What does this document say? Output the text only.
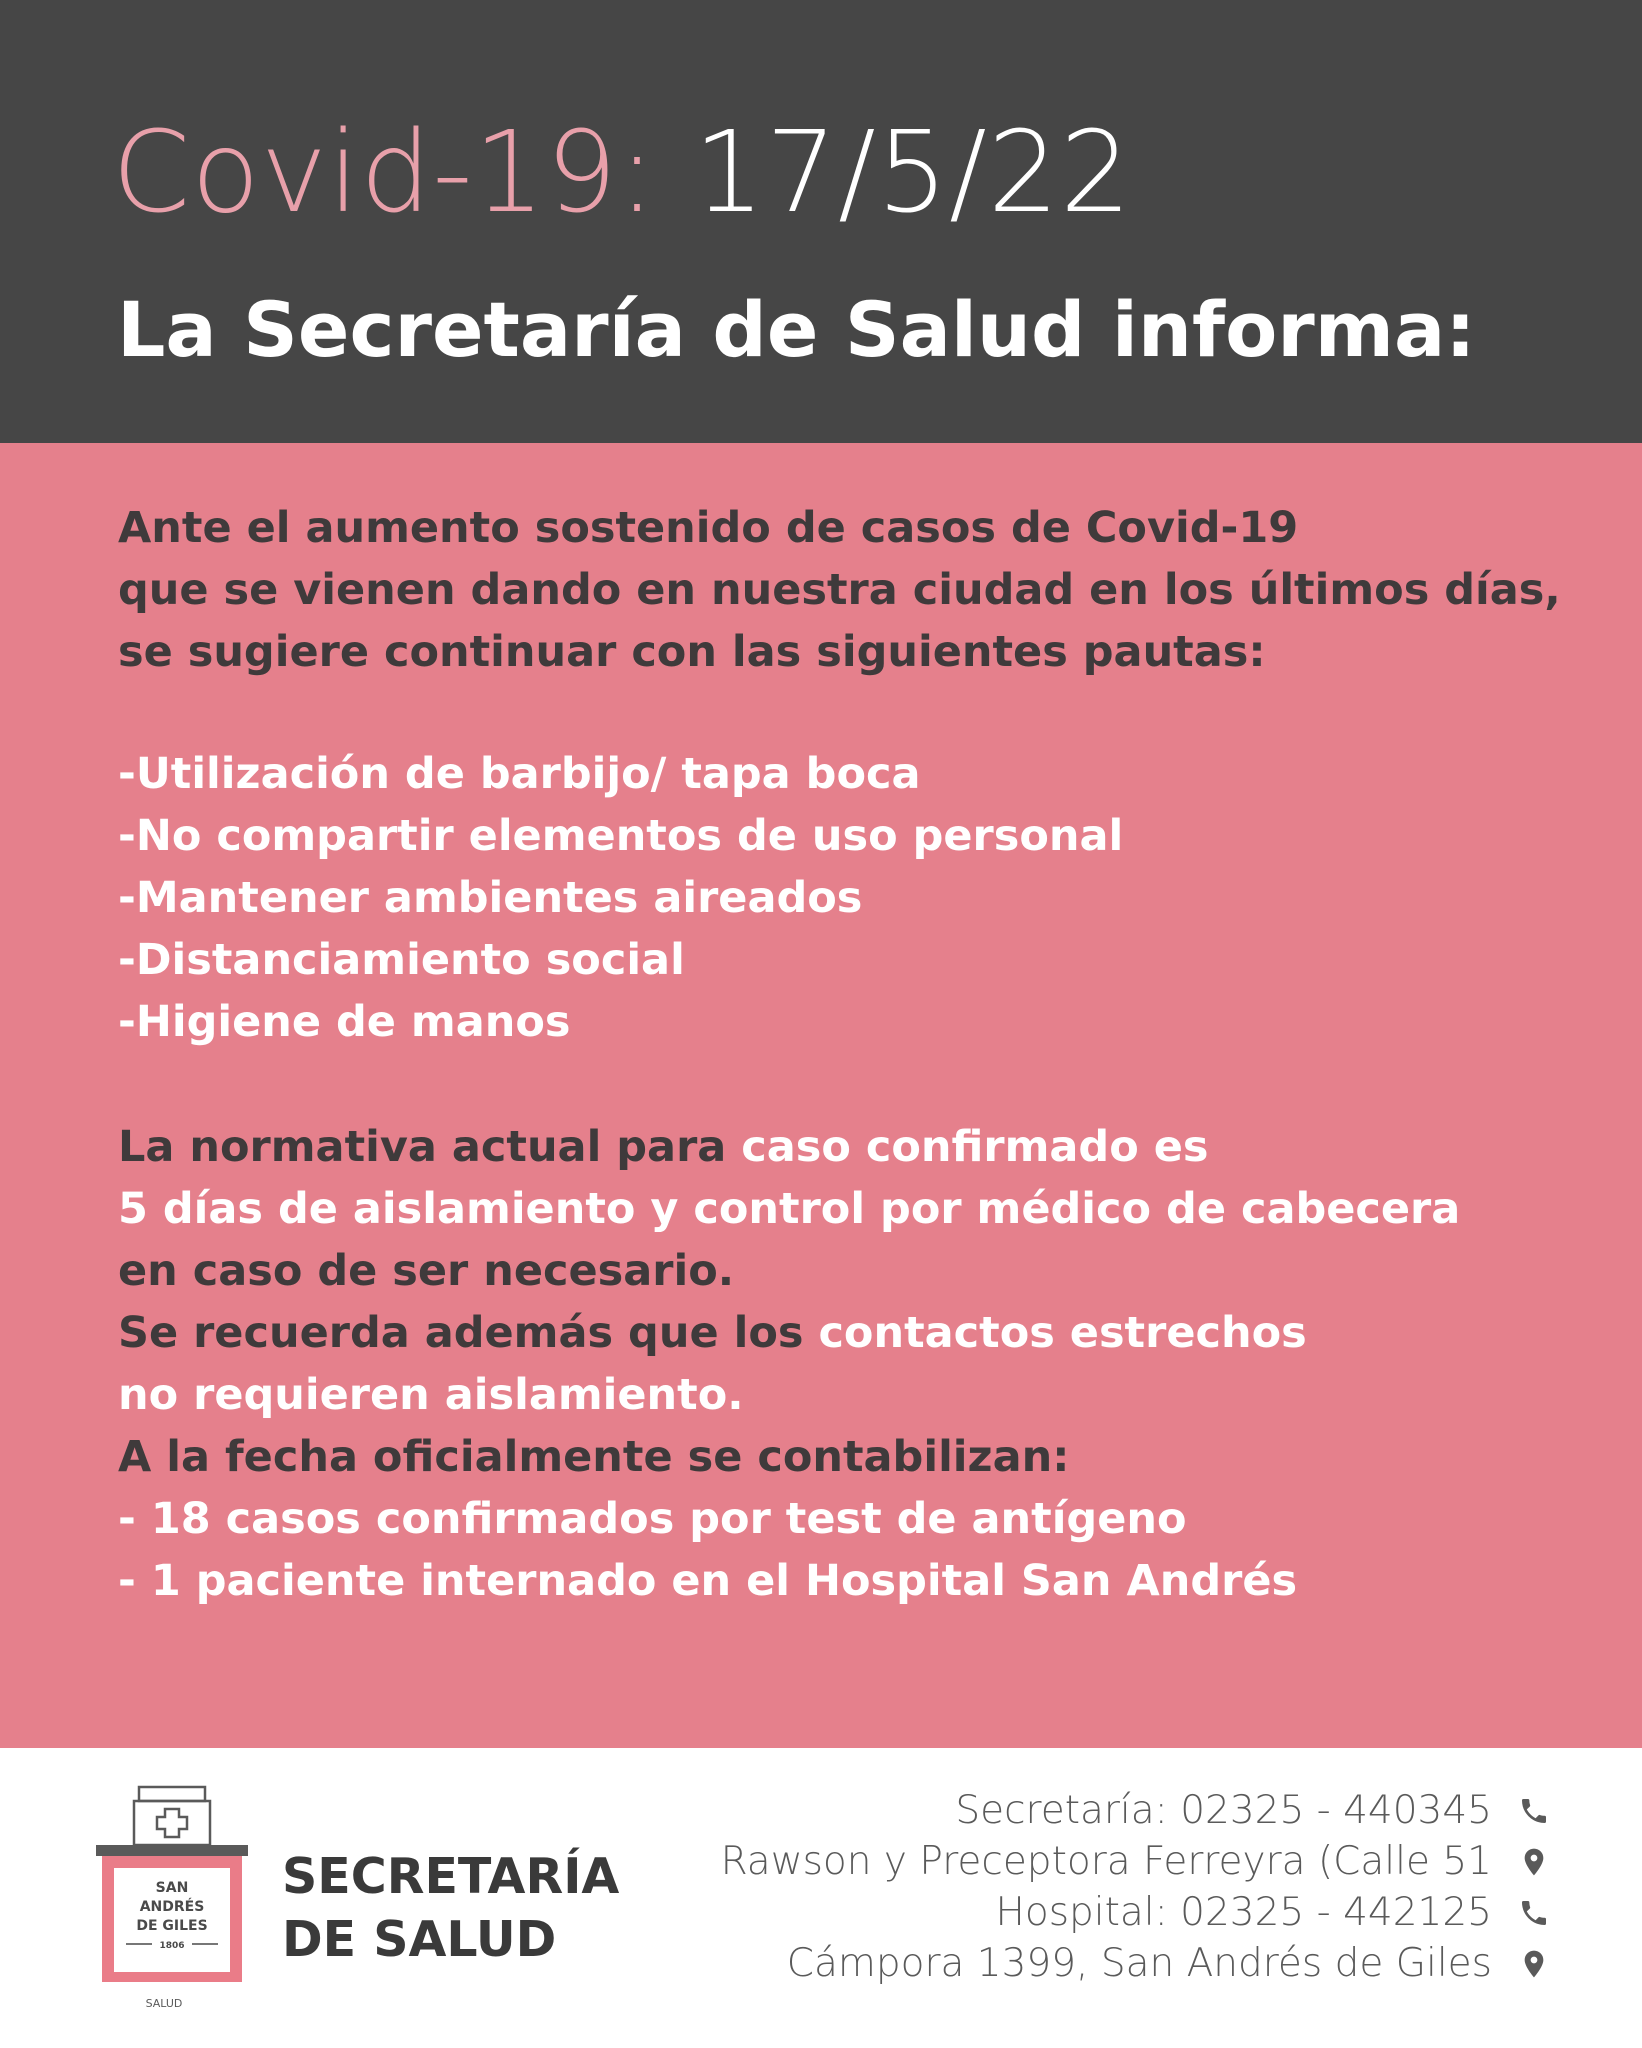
Covid-19: 17/5/22
La Secretaría de Salud informa:
Ante el aumento sostenido de casos de Covid-19
que se vienen dando en nuestra ciudad en los últimos días,
se sugiere continuar con las siguientes pautas:
-Utilización de barbijo/ tapa boca
-No compartir elementos de uso personal
-Mantener ambientes aireados
-Distanciamiento social
-Higiene de manos
La normativa actual para caso confirmado es
5 días de aislamiento y control por médico de cabecera
en caso de ser necesario.
Se recuerda además que los contactos estrechos
no requieren aislamiento.
A la fecha oficialmente se contabilizan:
- 18 casos confirmados por test de antígeno
- 1 paciente internado en el Hospital San Andrés
SAN
ANDRÉS
DE GILES
1806
SALUD
SECRETARÍA
DE SALUD
Secretaría: 02325 - 440345
Rawson y Preceptora Ferreyra (Calle 51
Hospital: 02325 - 442125
Cámpora 1399, San Andrés de Giles
